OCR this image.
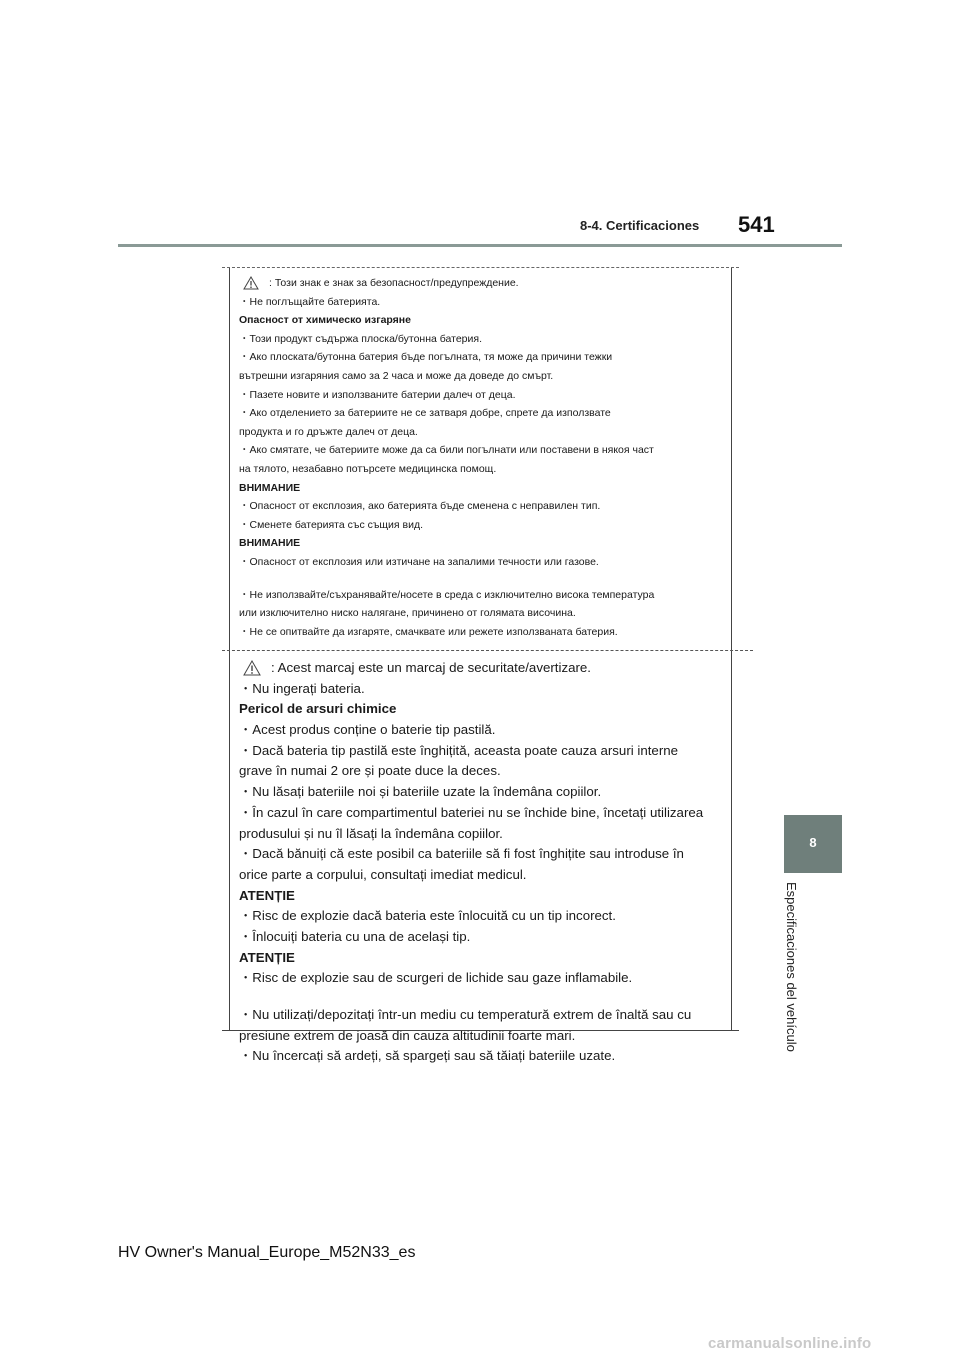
8-4. Certificaciones 541
8
Especificaciones del vehículo
: Този знак е знак за безопасност/предупреждение.
・Не поглъщайте батерията.
Опасност от химическо изгаряне
・Този продукт съдържа плоска/бутонна батерия.
・Ако плоската/бутонна батерия бъде погълната, тя може да причини тежки
вътрешни изгаряния само за 2 часа и може да доведе до смърт.
・Пазете новите и използваните батерии далеч от деца.
・Ако отделението за батериите не се затваря добре, спрете да използвате
продукта и го дръжте далеч от деца.
・Ако смятате, че батериите може да са били погълнати или поставени в някоя част
на тялото, незабавно потърсете медицинска помощ.
ВНИМАНИЕ
・Опасност от експлозия, ако батерията бъде сменена с неправилен тип.
・Сменете батерията със същия вид.
ВНИМАНИЕ
・Опасност от експлозия или изтичане на запалими течности или газове.
・Не използвайте/съхранявайте/носете в среда с изключително висока температура
или изключително ниско налягане, причинено от голямата височина.
・Не се опитвайте да изгаряте, смачквате или режете използваната батерия.
: Acest marcaj este un marcaj de securitate/avertizare.
・Nu ingerați bateria.
Pericol de arsuri chimice
・Acest produs conține o baterie tip pastilă.
・Dacă bateria tip pastilă este înghițită, aceasta poate cauza arsuri interne
grave în numai 2 ore și poate duce la deces.
・Nu lăsați bateriile noi și bateriile uzate la îndemâna copiilor.
・În cazul în care compartimentul bateriei nu se închide bine, încetați utilizarea
produsului și nu îl lăsați la îndemâna copiilor.
・Dacă bănuiți că este posibil ca bateriile să fi fost înghițite sau introduse în
orice parte a corpului, consultați imediat medicul.
ATENȚIE
・Risc de explozie dacă bateria este înlocuită cu un tip incorect.
・Înlocuiți bateria cu una de același tip.
ATENȚIE
・Risc de explozie sau de scurgeri de lichide sau gaze inflamabile.
・Nu utilizați/depozitați într-un mediu cu temperatură extrem de înaltă sau cu
presiune extrem de joasă din cauza altitudinii foarte mari.
・Nu încercați să ardeți, să spargeți sau să tăiați bateriile uzate.
HV Owner's Manual_Europe_M52N33_es
carmanualsonline.info
